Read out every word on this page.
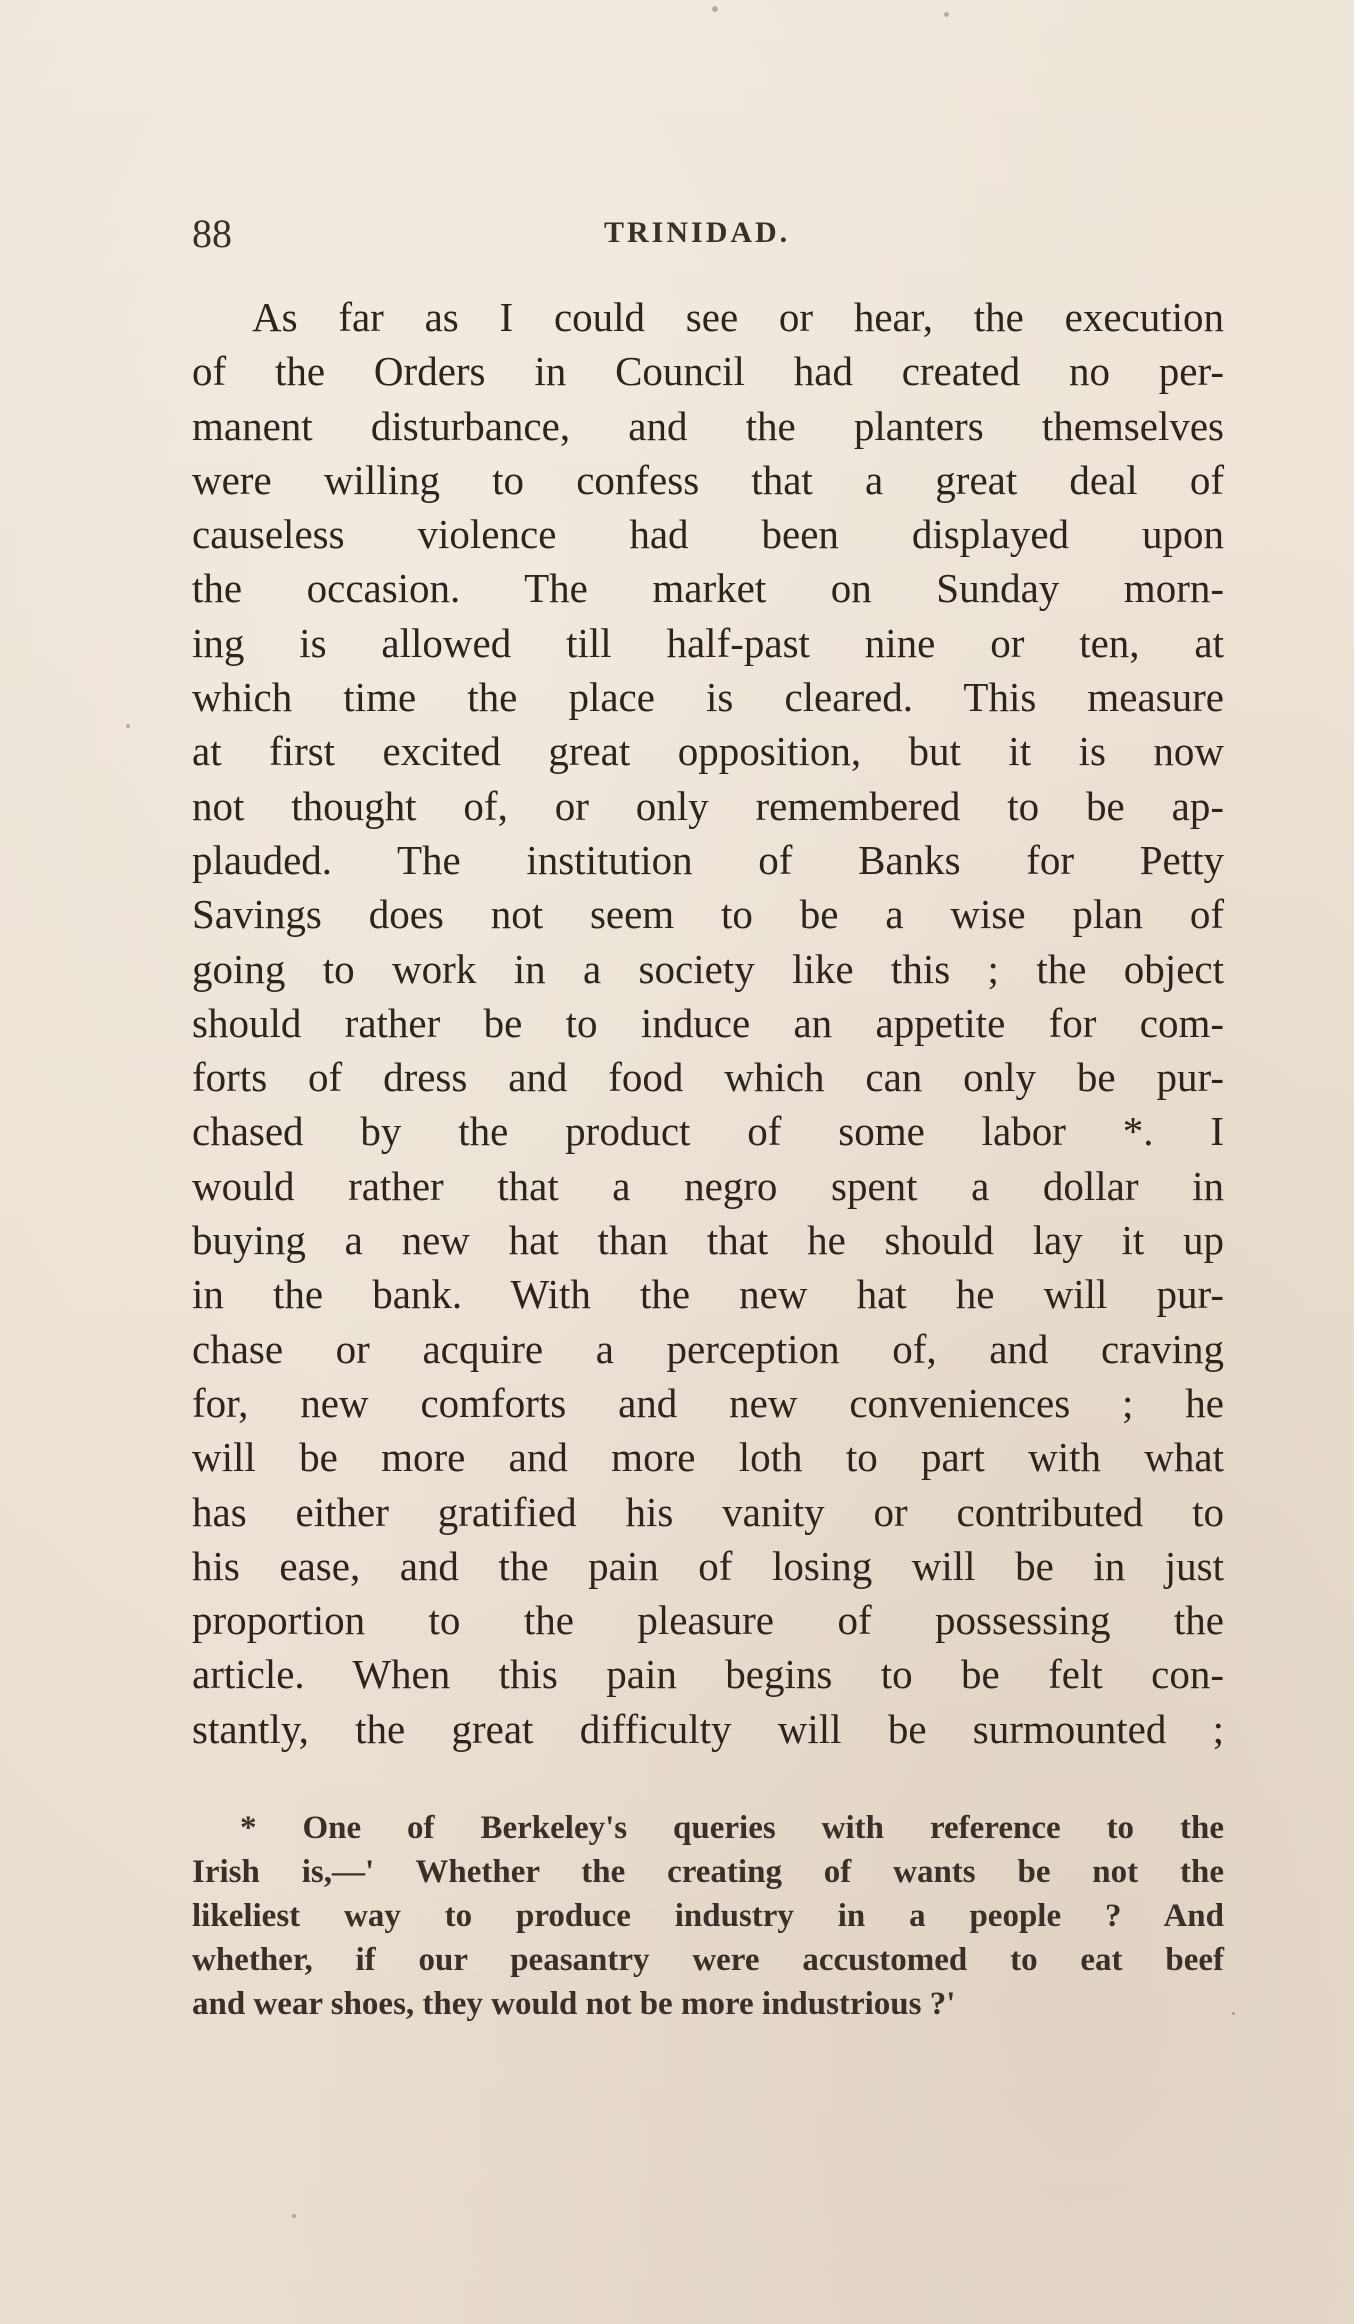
88	TRINIDAD.
As far as I could see or hear, the execution
of the Orders in Council had created no per-
manent disturbance, and the planters themselves
were willing to confess that a great deal of
causeless violence had been displayed upon
the occasion. The market on Sunday morn-
ing is allowed till half-past nine or ten, at
which time the place is cleared. This measure
at first excited great opposition, but it is now
not thought of, or only remembered to be ap-
plauded. The institution of Banks for Petty
Savings does not seem to be a wise plan of
going to work in a society like this ; the object
should rather be to induce an appetite for com-
forts of dress and food which can only be pur-
chased by the product of some labor *. I
would rather that a negro spent a dollar in
buying a new hat than that he should lay it up
in the bank. With the new hat he will pur-
chase or acquire a perception of, and craving
for, new comforts and new conveniences ; he
will be more and more loth to part with what
has either gratified his vanity or contributed to
his ease, and the pain of losing will be in just
proportion to the pleasure of possessing the
article. When this pain begins to be felt con-
stantly, the great difficulty will be surmounted ;
* One of Berkeley's queries with reference to the
Irish is,—' Whether the creating of wants be not the
likeliest way to produce industry in a people ? And
whether, if our peasantry were accustomed to eat beef
and wear shoes, they would not be more industrious ?'
